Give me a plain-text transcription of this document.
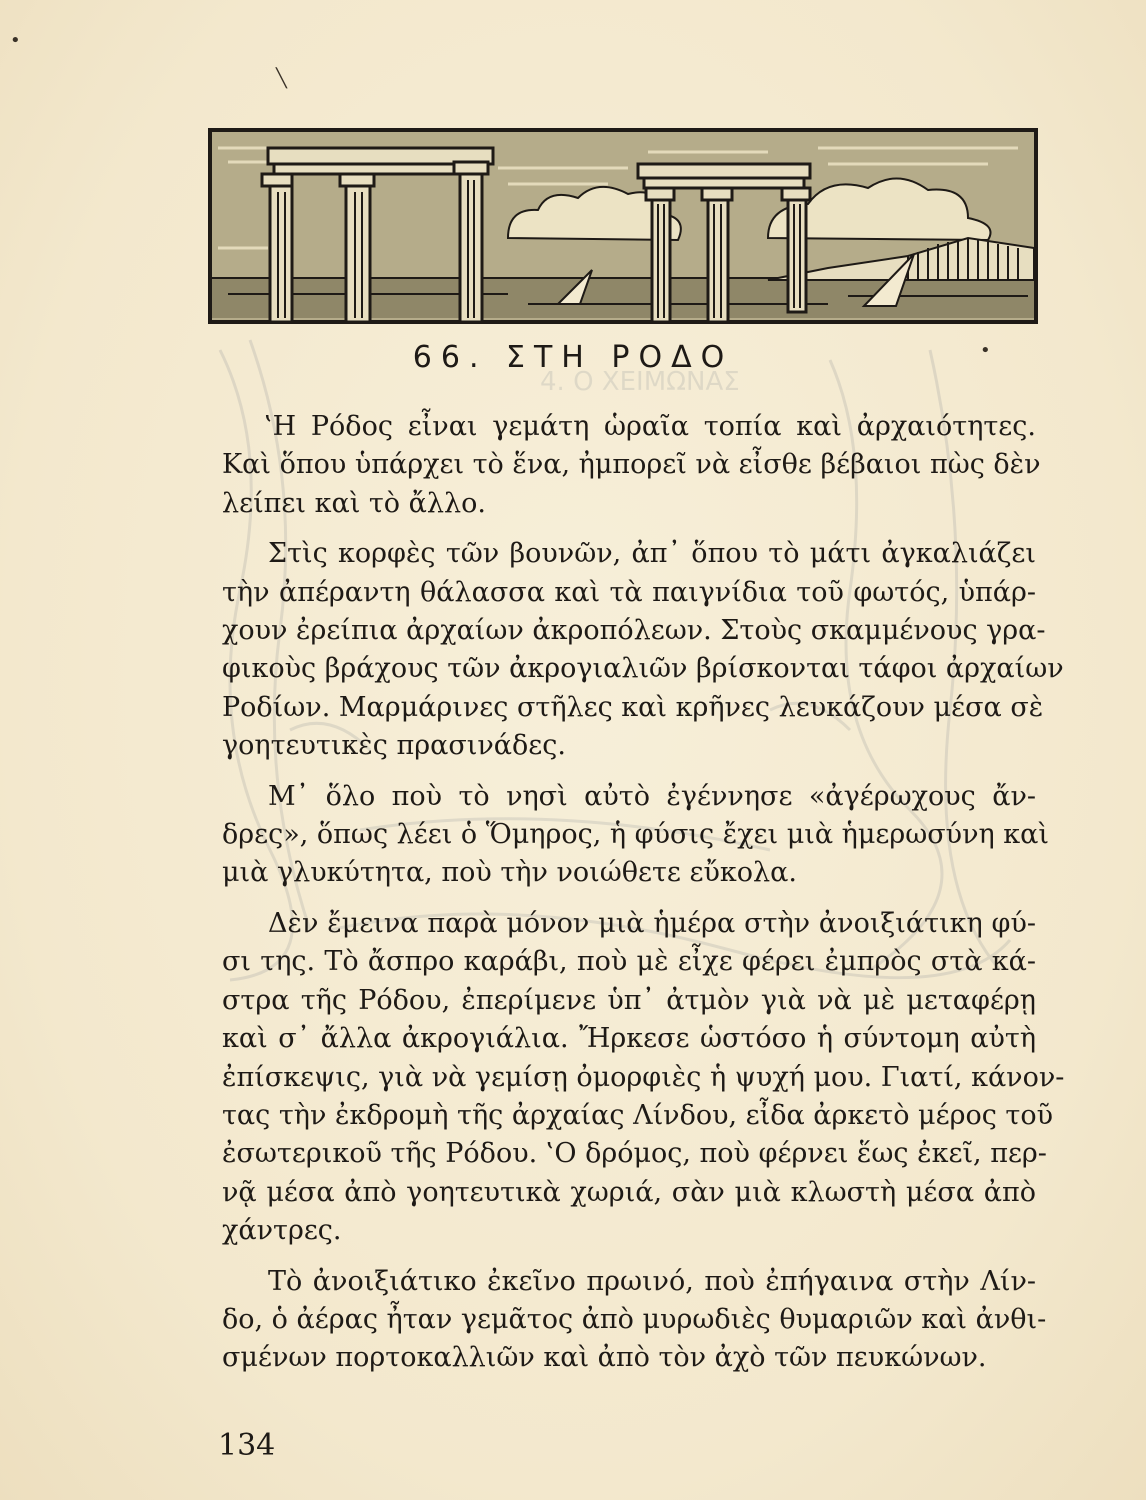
4. Ο ΧΕΙΜΩΝΑΣ
66. ΣΤΗ ΡΟΔΟ
‛Η Ρόδος εἶναι γεμάτη ὡραῖα τοπία καὶ ἀρχαιότητες.
Καὶ ὅπου ὑπάρχει τὸ ἕνα, ἠμπορεῖ νὰ εἶσθε βέβαιοι πὼς δὲν
λείπει καὶ τὸ ἄλλο.
Στὶς κορφὲς τῶν βουνῶν, ἀπ᾿ ὅπου τὸ μάτι ἀγκαλιάζει
τὴν ἀπέραντη θάλασσα καὶ τὰ παιγνίδια τοῦ φωτός, ὑπάρ-
χουν ἐρείπια ἀρχαίων ἀκροπόλεων. Στοὺς σκαμμένους γρα-
φικοὺς βράχους τῶν ἀκρογιαλιῶν βρίσκονται τάφοι ἀρχαίων
Ροδίων. Μαρμάρινες στῆλες καὶ κρῆνες λευκάζουν μέσα σὲ
γοητευτικὲς πρασινάδες.
Μ᾿ ὅλο ποὺ τὸ νησὶ αὐτὸ ἐγέννησε «ἀγέρωχους ἄν-
δρες», ὅπως λέει ὁ Ὅμηρος, ἡ φύσις ἔχει μιὰ ἡμερωσύνη καὶ
μιὰ γλυκύτητα, ποὺ τὴν νοιώθετε εὔκολα.
Δὲν ἔμεινα παρὰ μόνον μιὰ ἡμέρα στὴν ἀνοιξιάτικη φύ-
σι της. Τὸ ἄσπρο καράβι, ποὺ μὲ εἶχε φέρει ἐμπρὸς στὰ κά-
στρα τῆς Ρόδου, ἐπερίμενε ὑπ᾿ ἀτμὸν γιὰ νὰ μὲ μεταφέρῃ
καὶ σ᾿ ἄλλα ἀκρογιάλια. Ἤρκεσε ὡστόσο ἡ σύντομη αὐτὴ
ἐπίσκεψις, γιὰ νὰ γεμίσῃ ὀμορφιὲς ἡ ψυχή μου. Γιατί, κάνον-
τας τὴν ἐκδρομὴ τῆς ἀρχαίας Λίνδου, εἶδα ἀρκετὸ μέρος τοῦ
ἐσωτερικοῦ τῆς Ρόδου. ‛Ο δρόμος, ποὺ φέρνει ἕως ἐκεῖ, περ-
νᾷ μέσα ἀπὸ γοητευτικὰ χωριά, σὰν μιὰ κλωστὴ μέσα ἀπὸ
χάντρες.
Τὸ ἀνοιξιάτικο ἐκεῖνο πρωινό, ποὺ ἐπήγαινα στὴν Λίν-
δο, ὁ ἀέρας ἦταν γεμᾶτος ἀπὸ μυρωδιὲς θυμαριῶν καὶ ἀνθι-
σμένων πορτοκαλλιῶν καὶ ἀπὸ τὸν ἀχὸ τῶν πευκώνων.
134
•
╲
•
